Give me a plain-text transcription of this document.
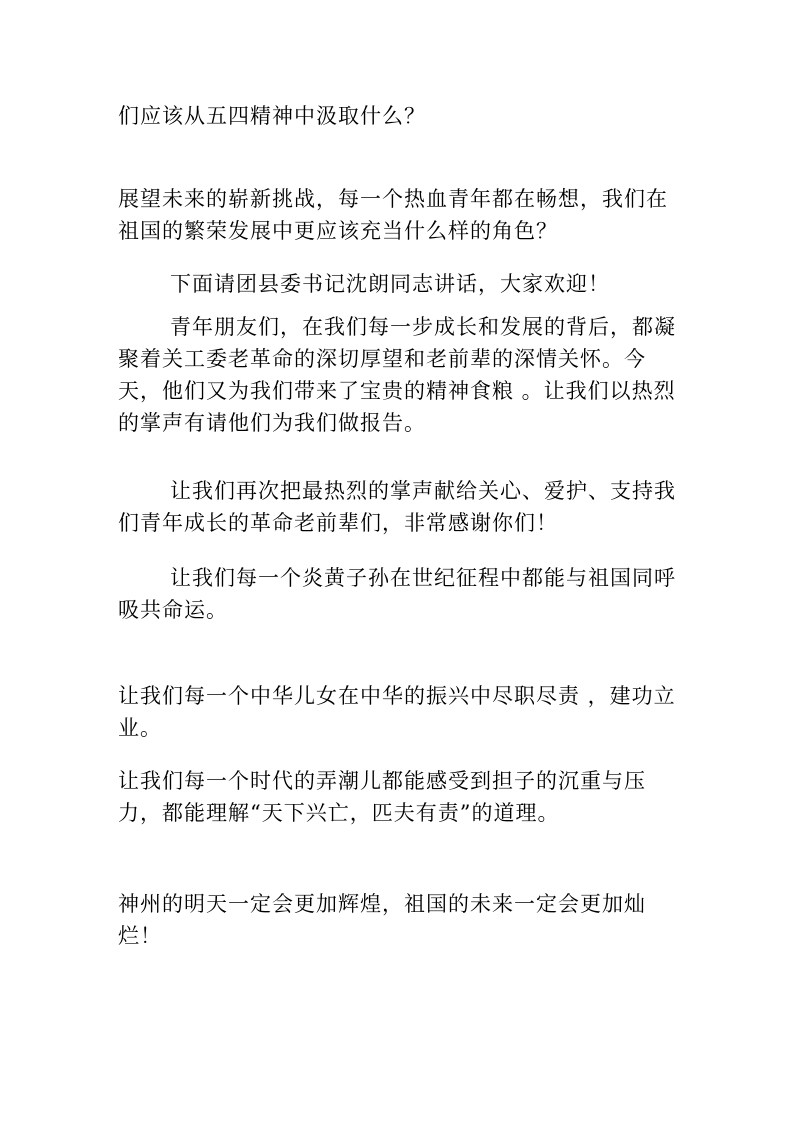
们应该从五四精神中汲取什么？

展望未来的崭新挑战，每一个热血青年都在畅想，我们在祖国的繁荣发展中更应该充当什么样的角色？

下面请团县委书记沈朗同志讲话，大家欢迎！

青年朋友们，在我们每一步成长和发展的背后，都凝聚着关工委老革命的深切厚望和老前辈的深情关怀。今天，他们又为我们带来了宝贵的精神食粮 。让我们以热烈的掌声有请他们为我们做报告。

让我们再次把最热烈的掌声献给关心、爱护、支持我们青年成长的革命老前辈们，非常感谢你们！

让我们每一个炎黄子孙在世纪征程中都能与祖国同呼吸共命运。

让我们每一个中华儿女在中华的振兴中尽职尽责 ，建功立业。

让我们每一个时代的弄潮儿都能感受到担子的沉重与压力，都能理解“天下兴亡，匹夫有责”的道理。

神州的明天一定会更加辉煌，祖国的未来一定会更加灿烂！
